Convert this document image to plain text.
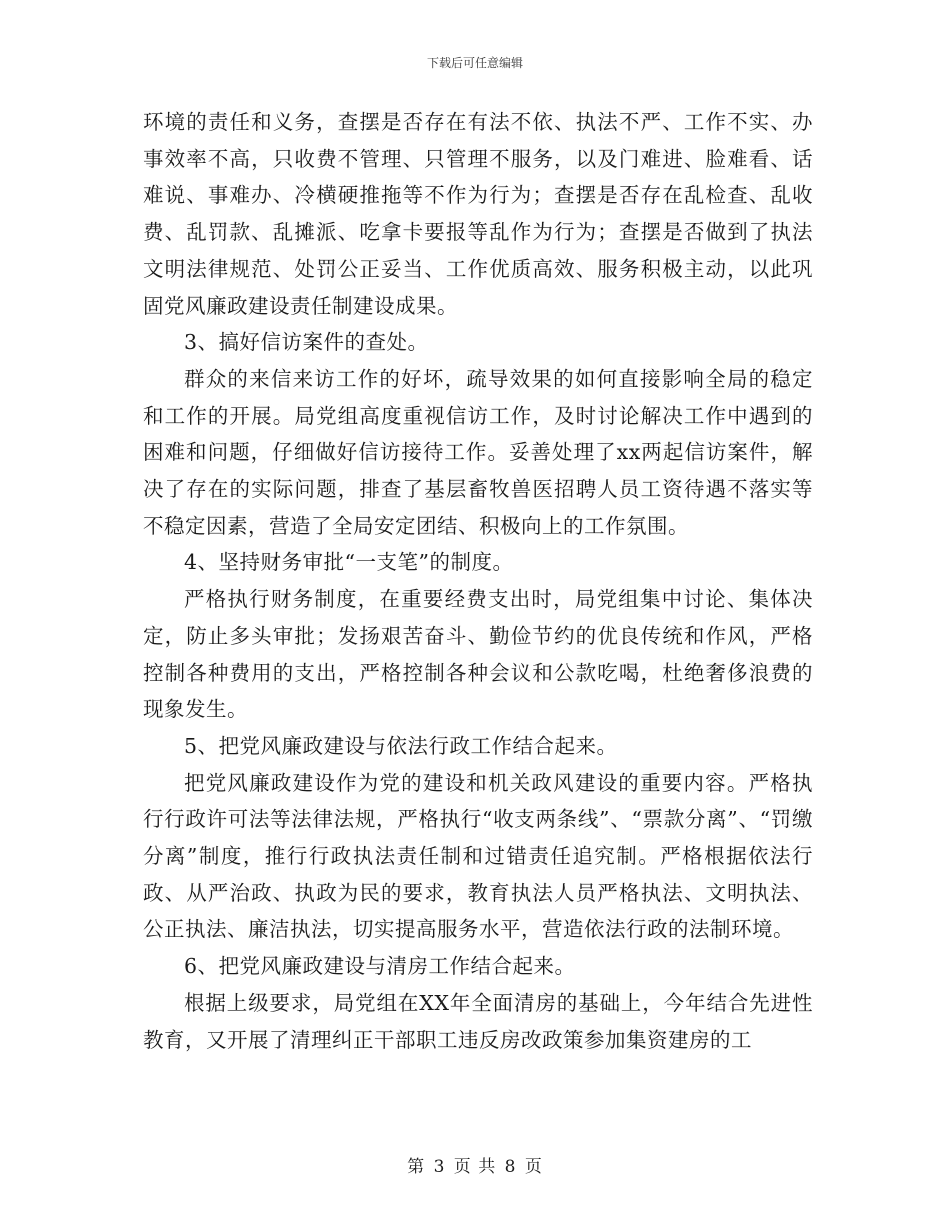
下载后可任意编辑

环境的责任和义务，查摆是否存在有法不依、执法不严、工作不实、办事效率不高，只收费不管理、只管理不服务，以及门难进、脸难看、话难说、事难办、冷横硬推拖等不作为行为；查摆是否存在乱检查、乱收费、乱罚款、乱摊派、吃拿卡要报等乱作为行为；查摆是否做到了执法文明法律规范、处罚公正妥当、工作优质高效、服务积极主动，以此巩固党风廉政建设责任制建设成果。

3、搞好信访案件的查处。

群众的来信来访工作的好坏，疏导效果的如何直接影响全局的稳定和工作的开展。局党组高度重视信访工作，及时讨论解决工作中遇到的困难和问题，仔细做好信访接待工作。妥善处理了xx两起信访案件，解决了存在的实际问题，排查了基层畜牧兽医招聘人员工资待遇不落实等不稳定因素，营造了全局安定团结、积极向上的工作氛围。

4、坚持财务审批“一支笔”的制度。

严格执行财务制度，在重要经费支出时，局党组集中讨论、集体决定，防止多头审批；发扬艰苦奋斗、勤俭节约的优良传统和作风，严格控制各种费用的支出，严格控制各种会议和公款吃喝，杜绝奢侈浪费的现象发生。

5、把党风廉政建设与依法行政工作结合起来。

把党风廉政建设作为党的建设和机关政风建设的重要内容。严格执行行政许可法等法律法规，严格执行“收支两条线”、“票款分离”、“罚缴分离”制度，推行行政执法责任制和过错责任追究制。严格根据依法行政、从严治政、执政为民的要求，教育执法人员严格执法、文明执法、公正执法、廉洁执法，切实提高服务水平，营造依法行政的法制环境。

6、把党风廉政建设与清房工作结合起来。

根据上级要求，局党组在XX年全面清房的基础上，今年结合先进性教育，又开展了清理纠正干部职工违反房改政策参加集资建房的工

第 3 页 共 8 页
